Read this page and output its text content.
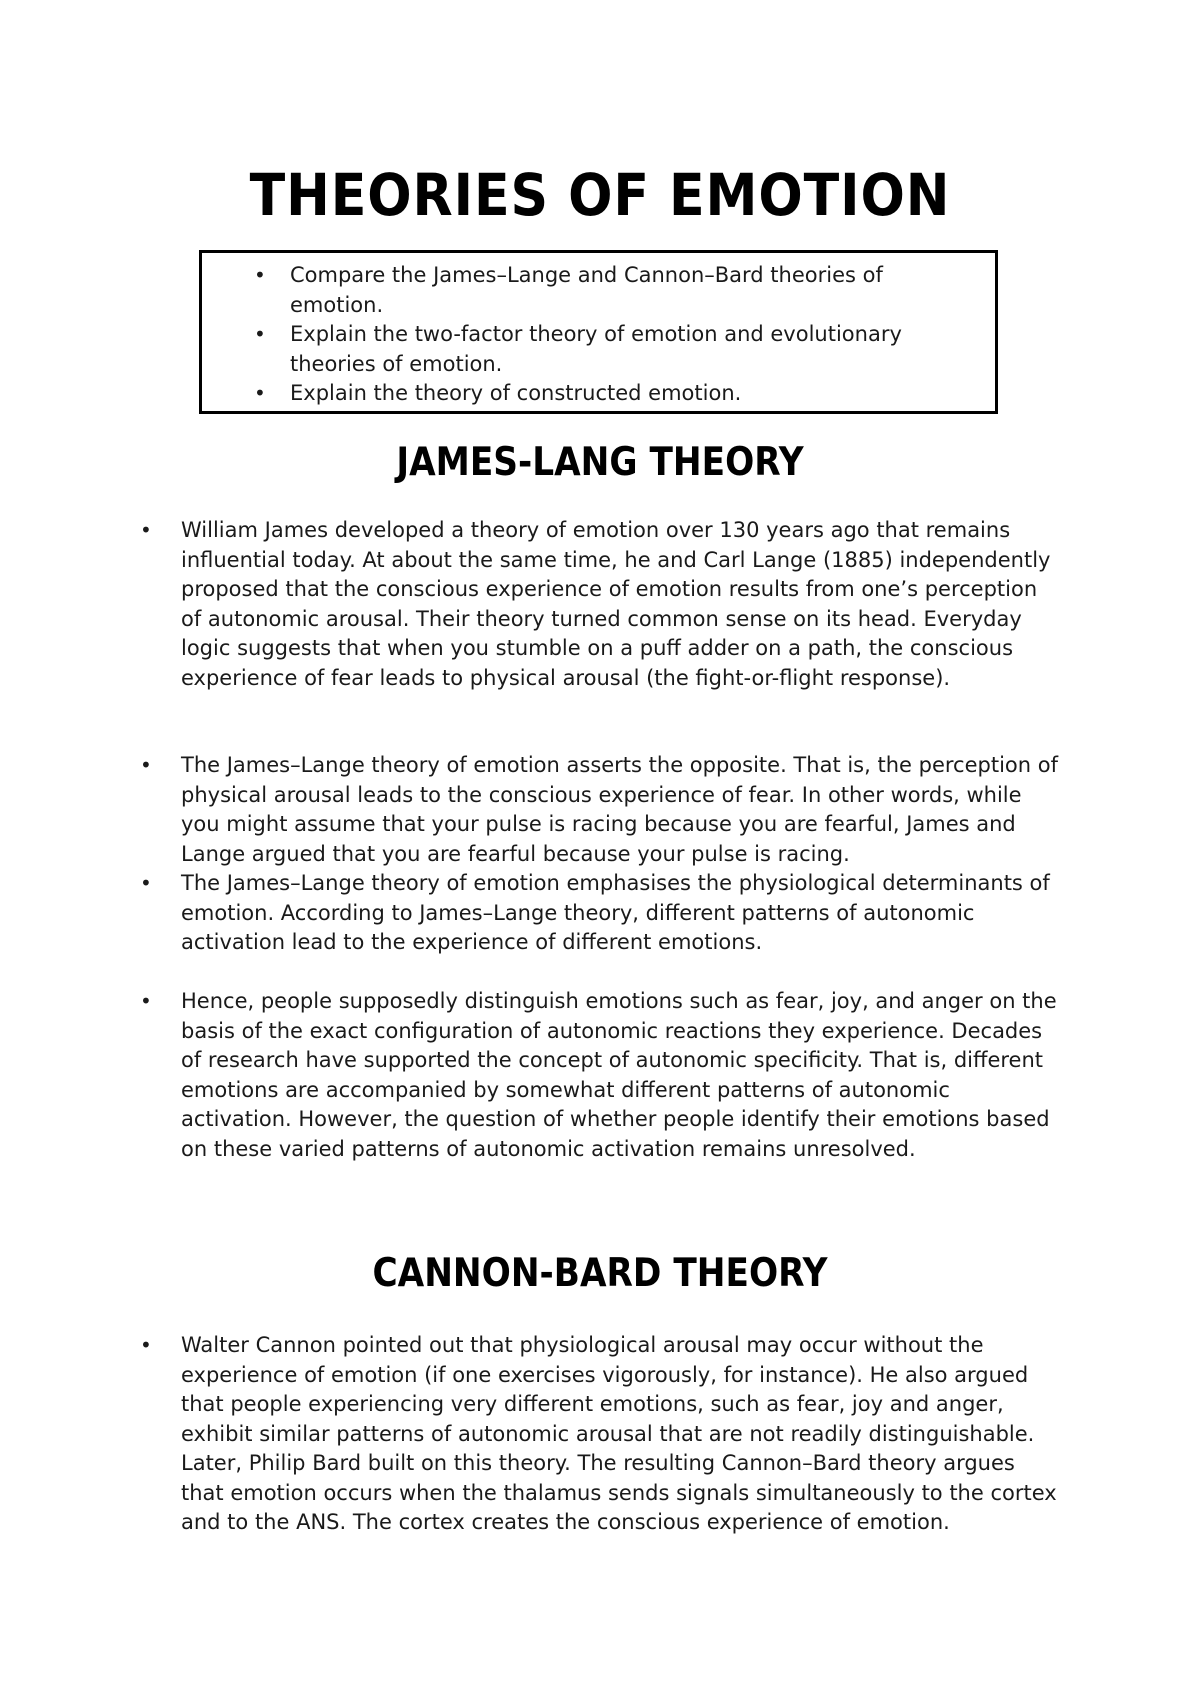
THEORIES OF EMOTION
• Compare the James–Lange and Cannon–Bard theories of emotion.
• Explain the two-factor theory of emotion and evolutionary theories of emotion.
• Explain the theory of constructed emotion.
JAMES-LANG THEORY
• William James developed a theory of emotion over 130 years ago that remains influential today. At about the same time, he and Carl Lange (1885) independently proposed that the conscious experience of emotion results from one’s perception of autonomic arousal. Their theory turned common sense on its head. Everyday logic suggests that when you stumble on a puff adder on a path, the conscious experience of fear leads to physical arousal (the fight-or-flight response).
• The James–Lange theory of emotion asserts the opposite. That is, the perception of physical arousal leads to the conscious experience of fear. In other words, while you might assume that your pulse is racing because you are fearful, James and Lange argued that you are fearful because your pulse is racing.
• The James–Lange theory of emotion emphasises the physiological determinants of emotion. According to James–Lange theory, different patterns of autonomic activation lead to the experience of different emotions.
• Hence, people supposedly distinguish emotions such as fear, joy, and anger on the basis of the exact configuration of autonomic reactions they experience. Decades of research have supported the concept of autonomic specificity. That is, different emotions are accompanied by somewhat different patterns of autonomic activation. However, the question of whether people identify their emotions based on these varied patterns of autonomic activation remains unresolved.
CANNON-BARD THEORY
• Walter Cannon pointed out that physiological arousal may occur without the experience of emotion (if one exercises vigorously, for instance). He also argued that people experiencing very different emotions, such as fear, joy and anger, exhibit similar patterns of autonomic arousal that are not readily distinguishable. Later, Philip Bard built on this theory. The resulting Cannon–Bard theory argues that emotion occurs when the thalamus sends signals simultaneously to the cortex and to the ANS. The cortex creates the conscious experience of emotion.
